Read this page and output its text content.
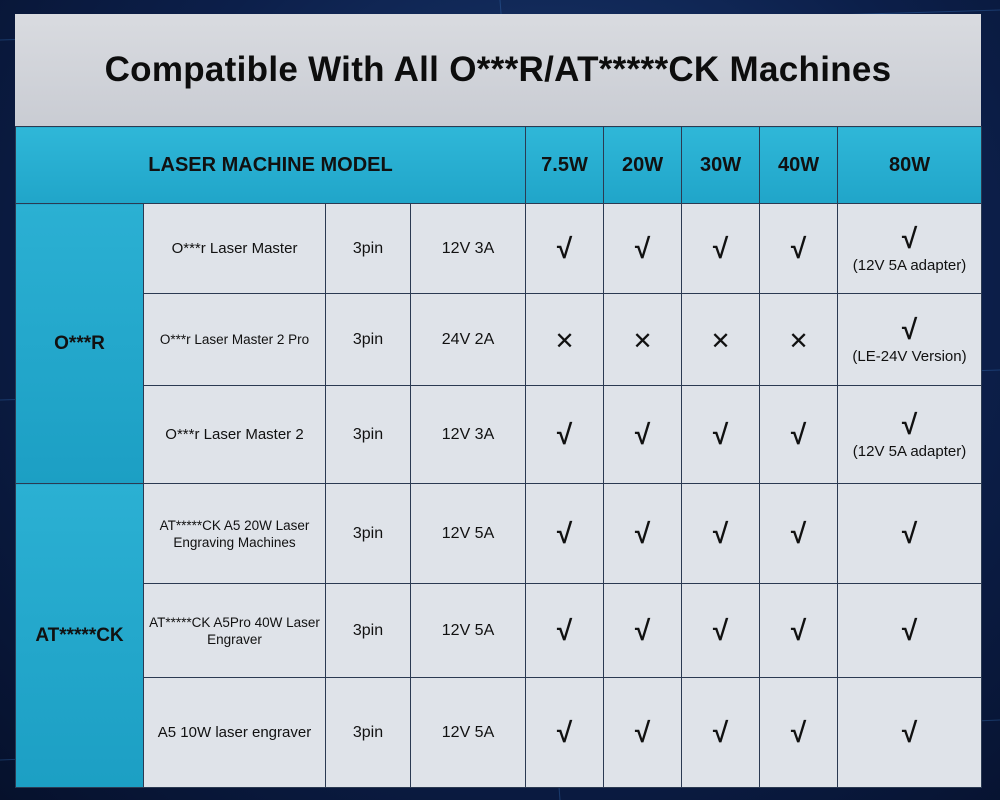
Compatible With All O***R/AT*****CK Machines
LASER MACHINE MODEL				7.5W	20W	30W	40W	80W
O***R	O***r Laser Master	3pin	12V 3A	√	√	√	√	√
(12V 5A adapter)

	O***r Laser Master 2 Pro	3pin	24V 2A	✕	✕	✕	✕	√
(LE-24V Version)

	O***r Laser Master 2	3pin	12V 3A	√	√	√	√	√
(12V 5A adapter)

AT*****CK	AT*****CK A5 20W Laser Engraving Machines	3pin	12V 5A	√	√	√	√	√
	AT*****CK A5Pro 40W Laser Engraver	3pin	12V 5A	√	√	√	√	√
	A5 10W laser engraver	3pin	12V 5A	√	√	√	√	√
